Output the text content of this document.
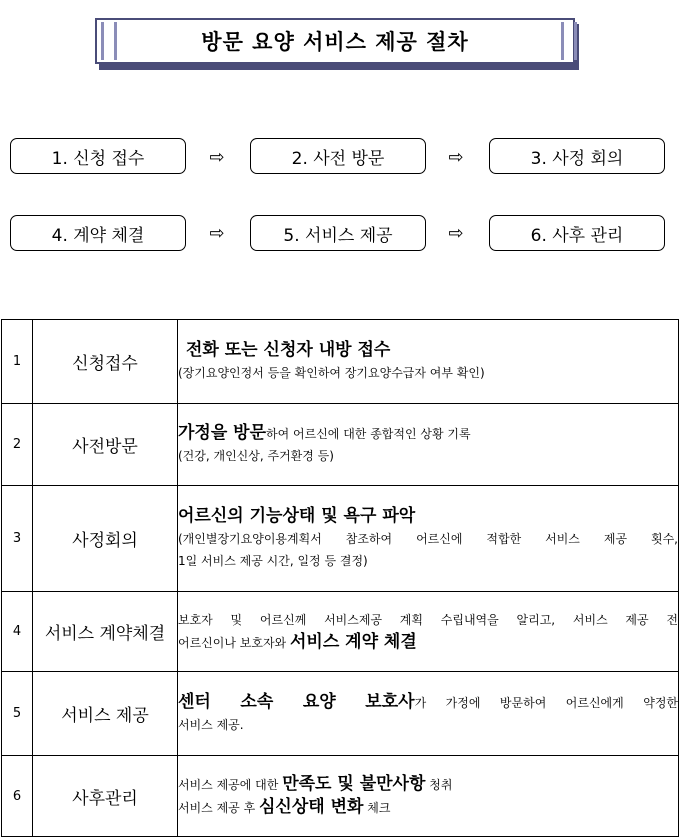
방문 요양 서비스 제공 절차
1. 신청 접수	⇨	2. 사전 방문	⇨	3. 사정 회의
4. 계약 체결	⇨	5. 서비스 제공	⇨	6. 사후 관리
1	신청접수	전화 또는 신청자 내방 접수
(장기요양인정서 등을 확인하여 장기요양수급자 여부 확인)

2	사전방문	가정을 방문하여 어르신에 대한 종합적인 상황 기록
(건강, 개인신상, 주거환경 등)

3	사정회의	어르신의 기능상태 및 욕구 파악
(개인별장기요양이용계획서 참조하여 어르신에 적합한 서비스 제공 횟수,
1일 서비스 제공 시간, 일정 등 결정)

4	서비스 계약체결	보호자 및 어르신께 서비스제공 계획 수립내역을 알리고, 서비스 제공 전
어르신이나 보호자와 서비스 계약 체결

5	서비스 제공	센터 소속 요양 보호사가 가정에 방문하여 어르신에게 약정한
서비스 제공.

6	사후관리	서비스 제공에 대한 만족도 및 불만사항 청취
서비스 제공 후 심신상태 변화 체크
